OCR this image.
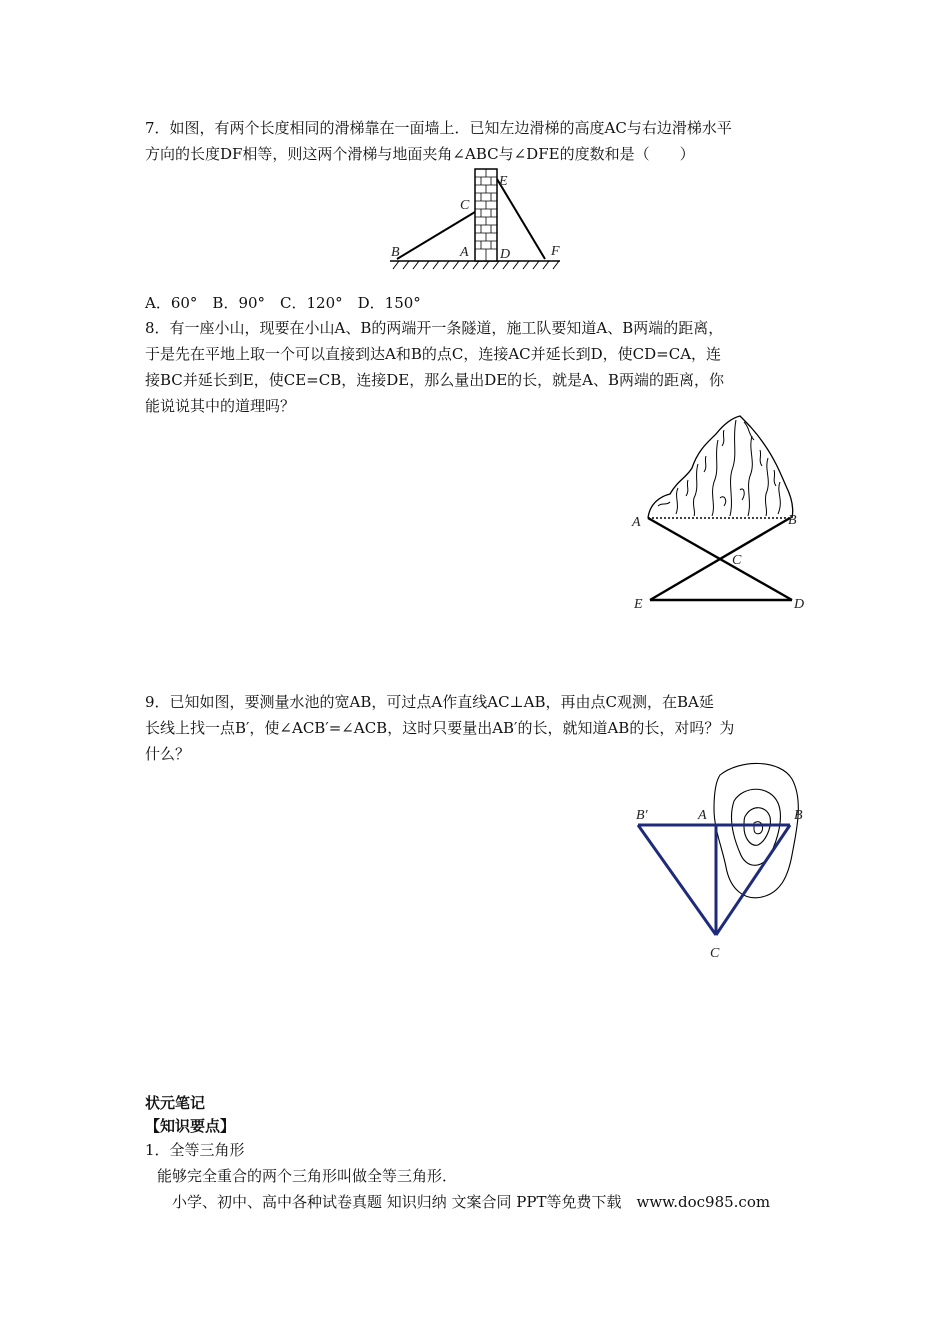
7．如图，有两个长度相同的滑梯靠在一面墙上．已知左边滑梯的高度AC与右边滑梯水平
方向的长度DF相等，则这两个滑梯与地面夹角∠ABC与∠DFE的度数和是（　　）
B	A D	F
C
E
A．60°　B．90°　C．120°　D．150°
8．有一座小山，现要在小山A、B的两端开一条隧道，施工队要知道A、B两端的距离，
于是先在平地上取一个可以直接到达A和B的点C，连接AC并延长到D，使CD=CA，连
接BC并延长到E，使CE=CB，连接DE，那么量出DE的长，就是A、B两端的距离，你
能说说其中的道理吗？
A	B
C
E	D
9．已知如图，要测量水池的宽AB，可过点A作直线AC⊥AB，再由点C观测，在BA延
长线上找一点B′，使∠ACB′=∠ACB，这时只要量出AB′的长，就知道AB的长，对吗？为
什么？
B′	A	B
C
状元笔记
【知识要点】
1．全等三角形
能够完全重合的两个三角形叫做全等三角形．
小学、初中、高中各种试卷真题 知识归纳 文案合同 PPT等免费下载　www.doc985.com
